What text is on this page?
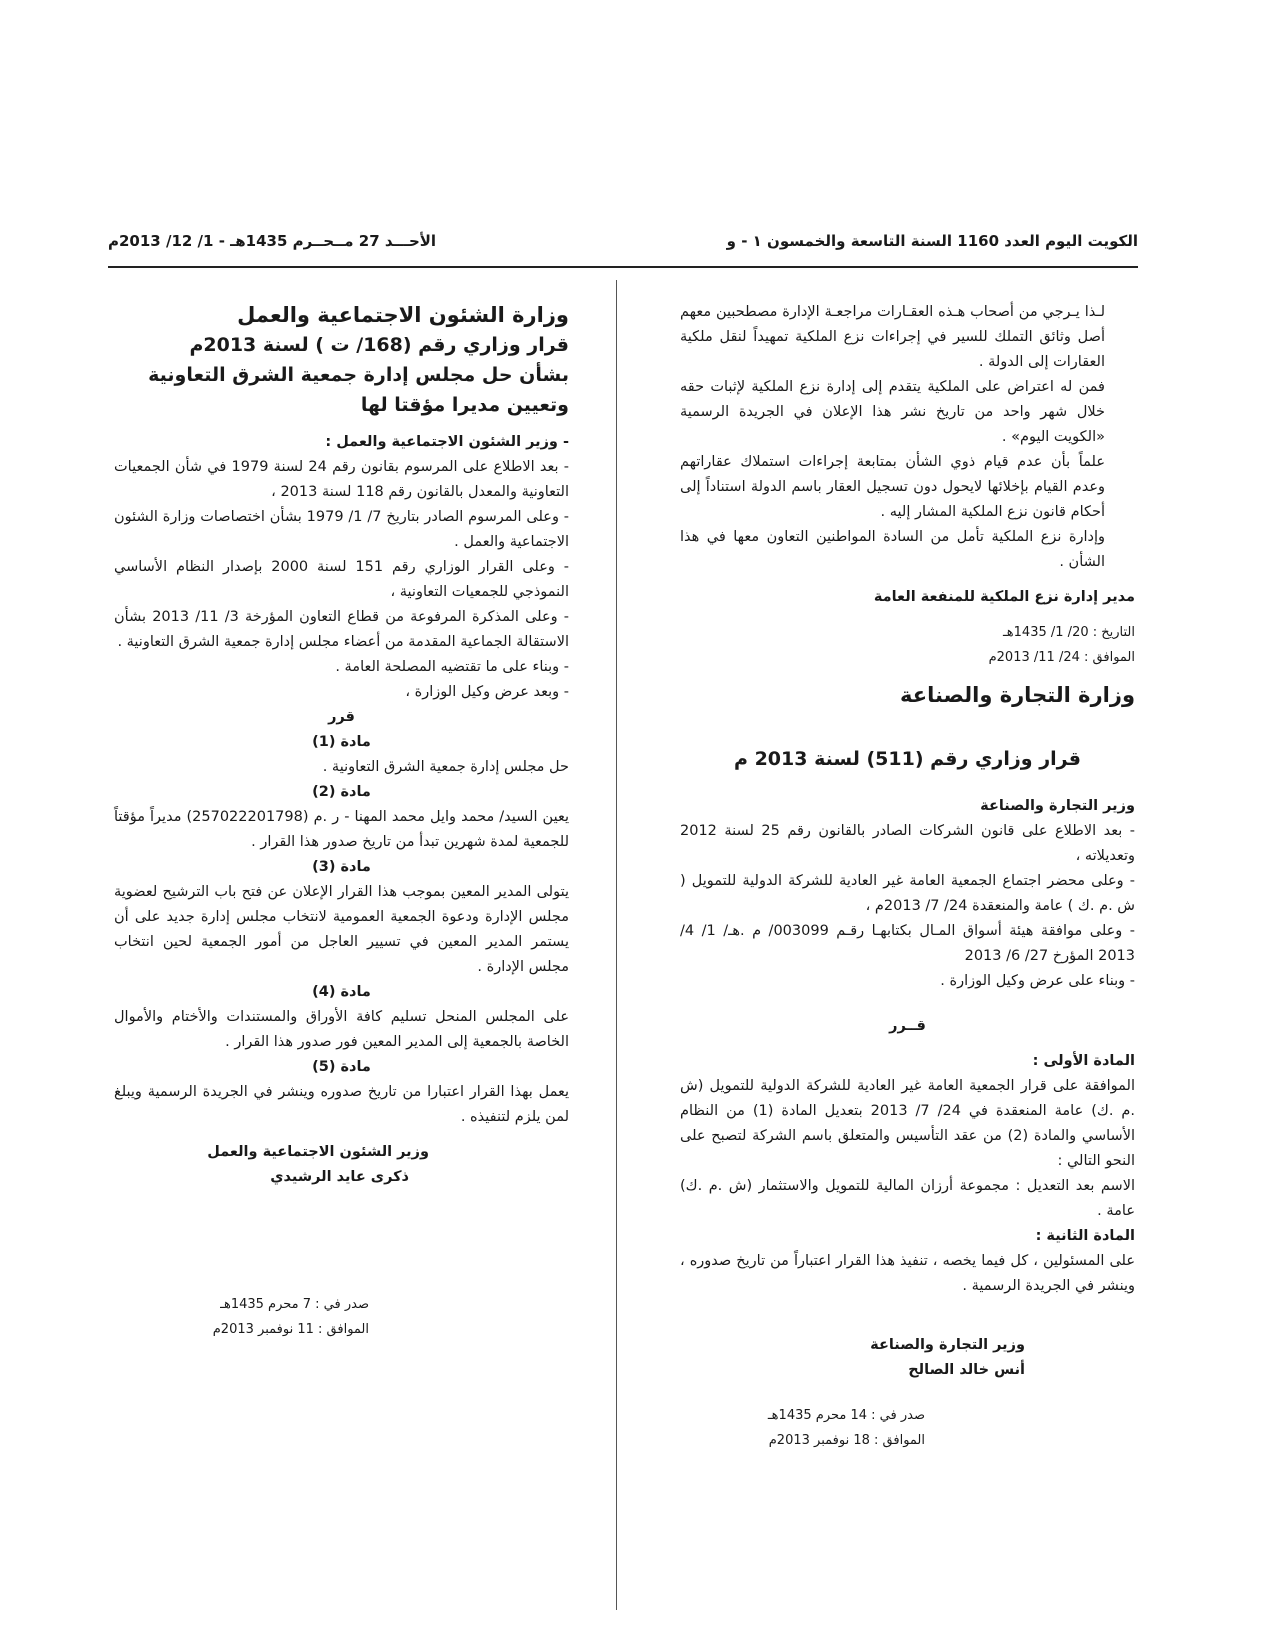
الكويت اليوم العدد 1160 السنة التاسعة والخمسون ١ - و
الأحـــد 27 مــحــرم 1435هـ - 1/ 12/ 2013م

لـذا يـرجي من أصحاب هـذه العقـارات مراجعـة الإدارة مصطحبين معهم أصل وثائق التملك للسير في إجراءات نزع الملكية تمهيداً لنقل ملكية العقارات إلى الدولة .

فمن له اعتراض على الملكية يتقدم إلى إدارة نزع الملكية لإثبات حقه خلال شهر واحد من تاريخ نشر هذا الإعلان في الجريدة الرسمية «الكويت اليوم» .

علماً بأن عدم قيام ذوي الشأن بمتابعة إجراءات استملاك عقاراتهم وعدم القيام بإخلائها لايحول دون تسجيل العقار باسم الدولة استناداً إلى أحكام قانون نزع الملكية المشار إليه .

وإدارة نزع الملكية تأمل من السادة المواطنين التعاون معها في هذا الشأن .

مدير إدارة نزع الملكية للمنفعة العامة

التاريخ : 20/ 1/ 1435هـ

الموافق : 24/ 11/ 2013م

وزارة التجارة والصناعة

قرار وزاري رقم (511) لسنة 2013 م

وزير التجارة والصناعة

- بعد الاطلاع على قانون الشركات الصادر بالقانون رقم 25 لسنة 2012 وتعديلاته ،

- وعلى محضر اجتماع الجمعية العامة غير العادية للشركة الدولية للتمويل ( ش .م .ك ) عامة والمنعقدة 24/ 7/ 2013م ،

- وعلى موافقة هيئة أسواق المـال بكتابهـا رقـم 003099/ م .هـ/ 1/ 4/ 2013 المؤرخ 27/ 6/ 2013

- وبناء على عرض وكيل الوزارة .

قــرر

المادة الأولى :

الموافقة على قرار الجمعية العامة غير العادية للشركة الدولية للتمويل (ش .م .ك) عامة المنعقدة في 24/ 7/ 2013 بتعديل المادة (1) من النظام الأساسي والمادة (2) من عقد التأسيس والمتعلق باسم الشركة لتصبح على النحو التالي :

الاسم بعد التعديل : مجموعة أرزان المالية للتمويل والاستثمار (ش .م .ك) عامة .

المادة الثانية :

على المسئولين ، كل فيما يخصه ، تنفيذ هذا القرار اعتباراً من تاريخ صدوره ، وينشر في الجريدة الرسمية .

وزير التجارة والصناعة

أنس خالد الصالح

صدر في : 14 محرم 1435هـ

الموافق : 18 نوفمبر 2013م

وزارة الشئون الاجتماعية والعمل

قرار وزاري رقم (168/ ت ) لسنة 2013م

بشأن حل مجلس إدارة جمعية الشرق التعاونية

وتعيين مديرا مؤقتا لها

- وزير الشئون الاجتماعية والعمل :

- بعد الاطلاع على المرسوم بقانون رقم 24 لسنة 1979 في شأن الجمعيات التعاونية والمعدل بالقانون رقم 118 لسنة 2013 ،

- وعلى المرسوم الصادر بتاريخ 7/ 1/ 1979 بشأن اختصاصات وزارة الشئون الاجتماعية والعمل .

- وعلى القرار الوزاري رقم 151 لسنة 2000 بإصدار النظام الأساسي النموذجي للجمعيات التعاونية ،

- وعلى المذكرة المرفوعة من قطاع التعاون المؤرخة 3/ 11/ 2013 بشأن الاستقالة الجماعية المقدمة من أعضاء مجلس إدارة جمعية الشرق التعاونية .

- وبناء على ما تقتضيه المصلحة العامة .

- وبعد عرض وكيل الوزارة ،

قرر

مادة (1)

حل مجلس إدارة جمعية الشرق التعاونية .

مادة (2)

يعين السيد/ محمد وايل محمد المهنا - ر .م (257022201798) مديراً مؤقتاً للجمعية لمدة شهرين تبدأ من تاريخ صدور هذا القرار .

مادة (3)

يتولى المدير المعين بموجب هذا القرار الإعلان عن فتح باب الترشيح لعضوية مجلس الإدارة ودعوة الجمعية العمومية لانتخاب مجلس إدارة جديد على أن يستمر المدير المعين في تسيير العاجل من أمور الجمعية لحين انتخاب مجلس الإدارة .

مادة (4)

على المجلس المنحل تسليم كافة الأوراق والمستندات والأختام والأموال الخاصة بالجمعية إلى المدير المعين فور صدور هذا القرار .

مادة (5)

يعمل بهذا القرار اعتبارا من تاريخ صدوره وينشر في الجريدة الرسمية ويبلغ لمن يلزم لتنفيذه .

وزير الشئون الاجتماعية والعمل

ذكرى عايد الرشيدي

صدر في : 7 محرم 1435هـ

الموافق : 11 نوفمبر 2013م
